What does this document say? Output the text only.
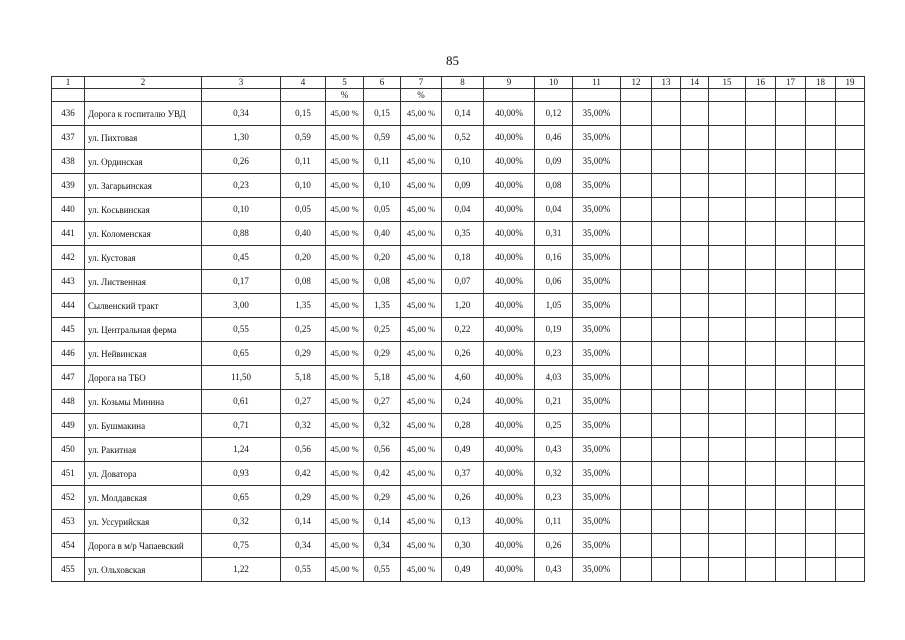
85
1	2	3	4	5	6	7	8	9	10	11	12	13	14	15	16	17	18	19
				%		%												
436	Дорога к госпиталю УВД	0,34	0,15	45,00 %	0,15	45,00 %	0,14	40,00%	0,12	35,00%								
437	ул. Пихтовая	1,30	0,59	45,00 %	0,59	45,00 %	0,52	40,00%	0,46	35,00%								
438	ул. Ординская	0,26	0,11	45,00 %	0,11	45,00 %	0,10	40,00%	0,09	35,00%								
439	ул. Загарьинская	0,23	0,10	45,00 %	0,10	45,00 %	0,09	40,00%	0,08	35,00%								
440	ул. Косьвинская	0,10	0,05	45,00 %	0,05	45,00 %	0,04	40,00%	0,04	35,00%								
441	ул. Коломенская	0,88	0,40	45,00 %	0,40	45,00 %	0,35	40,00%	0,31	35,00%								
442	ул. Кустовая	0,45	0,20	45,00 %	0,20	45,00 %	0,18	40,00%	0,16	35,00%								
443	ул. Лиственная	0,17	0,08	45,00 %	0,08	45,00 %	0,07	40,00%	0,06	35,00%								
444	Сылвенский тракт	3,00	1,35	45,00 %	1,35	45,00 %	1,20	40,00%	1,05	35,00%								
445	ул. Центральная ферма	0,55	0,25	45,00 %	0,25	45,00 %	0,22	40,00%	0,19	35,00%								
446	ул. Нейвинская	0,65	0,29	45,00 %	0,29	45,00 %	0,26	40,00%	0,23	35,00%								
447	Дорога на ТБО	11,50	5,18	45,00 %	5,18	45,00 %	4,60	40,00%	4,03	35,00%								
448	ул. Козьмы Минина	0,61	0,27	45,00 %	0,27	45,00 %	0,24	40,00%	0,21	35,00%								
449	ул. Бушмакина	0,71	0,32	45,00 %	0,32	45,00 %	0,28	40,00%	0,25	35,00%								
450	ул. Ракитная	1,24	0,56	45,00 %	0,56	45,00 %	0,49	40,00%	0,43	35,00%								
451	ул. Доватора	0,93	0,42	45,00 %	0,42	45,00 %	0,37	40,00%	0,32	35,00%								
452	ул. Молдавская	0,65	0,29	45,00 %	0,29	45,00 %	0,26	40,00%	0,23	35,00%								
453	ул. Уссурийская	0,32	0,14	45,00 %	0,14	45,00 %	0,13	40,00%	0,11	35,00%								
454	Дорога в м/р Чапаевский	0,75	0,34	45,00 %	0,34	45,00 %	0,30	40,00%	0,26	35,00%								
455	ул. Ольховская	1,22	0,55	45,00 %	0,55	45,00 %	0,49	40,00%	0,43	35,00%								
